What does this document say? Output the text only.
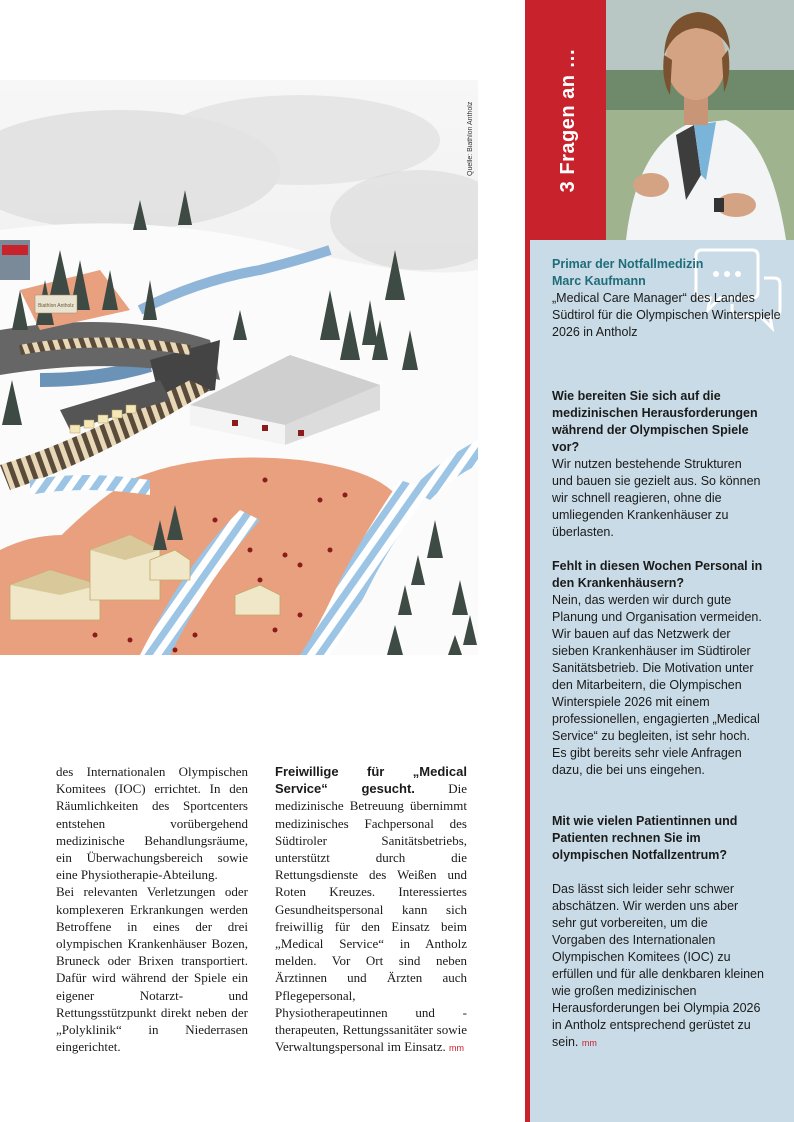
Biathlon Antholz
Quelle: Biathlon Antholz

des Internationalen Olympischen Komitees (IOC) errichtet. In den Räumlichkeiten des Sportcenters entstehen vorübergehend medizinische Behandlungsräume, ein Überwachungsbereich sowie eine Physiotherapie-Abteilung.

Bei relevanten Verletzungen oder komplexeren Erkrankungen werden Betroffene in eines der drei olympischen Krankenhäuser Bozen, Bruneck oder Brixen transportiert. Dafür wird während der Spiele ein eigener Notarzt- und Rettungsstützpunkt direkt neben der „Polyklinik“ in Niederrasen eingerichtet.

Freiwillige für „Medical Service“ gesucht. Die medizinische Betreuung übernimmt medizinisches Fachpersonal des Südtiroler Sanitätsbetriebs, unterstützt durch die Rettungsdienste des Weißen und Roten Kreuzes. Interessiertes Gesundheitspersonal kann sich freiwillig für den Einsatz beim „Medical Service“ in Antholz melden. Vor Ort sind neben Ärztinnen und Ärzten auch Pflegepersonal, Physiotherapeutinnen und -therapeuten, Rettungssanitäter sowie Verwaltungspersonal im Einsatz. mm

3 Fragen an …
Primar der Notfallmedizin
Marc Kaufmann

„Medical Care Manager“ des Landes Südtirol für die Olympischen Winterspiele 2026 in Antholz

Wie bereiten Sie sich auf die medizinischen Herausforderungen während der Olympischen Spiele vor?

Wir nutzen bestehende Strukturen und bauen sie gezielt aus. So können wir schnell reagieren, ohne die umliegenden Krankenhäuser zu überlasten.

Fehlt in diesen Wochen Personal in den Krankenhäusern?

Nein, das werden wir durch gute Planung und Organisation vermeiden. Wir bauen auf das Netzwerk der sieben Krankenhäuser im Südtiroler Sanitätsbetrieb. Die Motivation unter den Mitarbeitern, die Olympischen Winterspiele 2026 mit einem professionellen, engagierten „Medical Service“ zu begleiten, ist sehr hoch. Es gibt bereits sehr viele Anfragen dazu, die bei uns eingehen.

Mit wie vielen Patientinnen und Patienten rechnen Sie im olympischen Notfallzentrum?

Das lässt sich leider sehr schwer abschätzen. Wir werden uns aber sehr gut vorbereiten, um die Vorgaben des Internationalen Olympischen Komitees (IOC) zu erfüllen und für alle denkbaren kleinen wie großen medizinischen Herausforderungen bei Olympia 2026 in Antholz entsprechend gerüstet zu sein. mm
